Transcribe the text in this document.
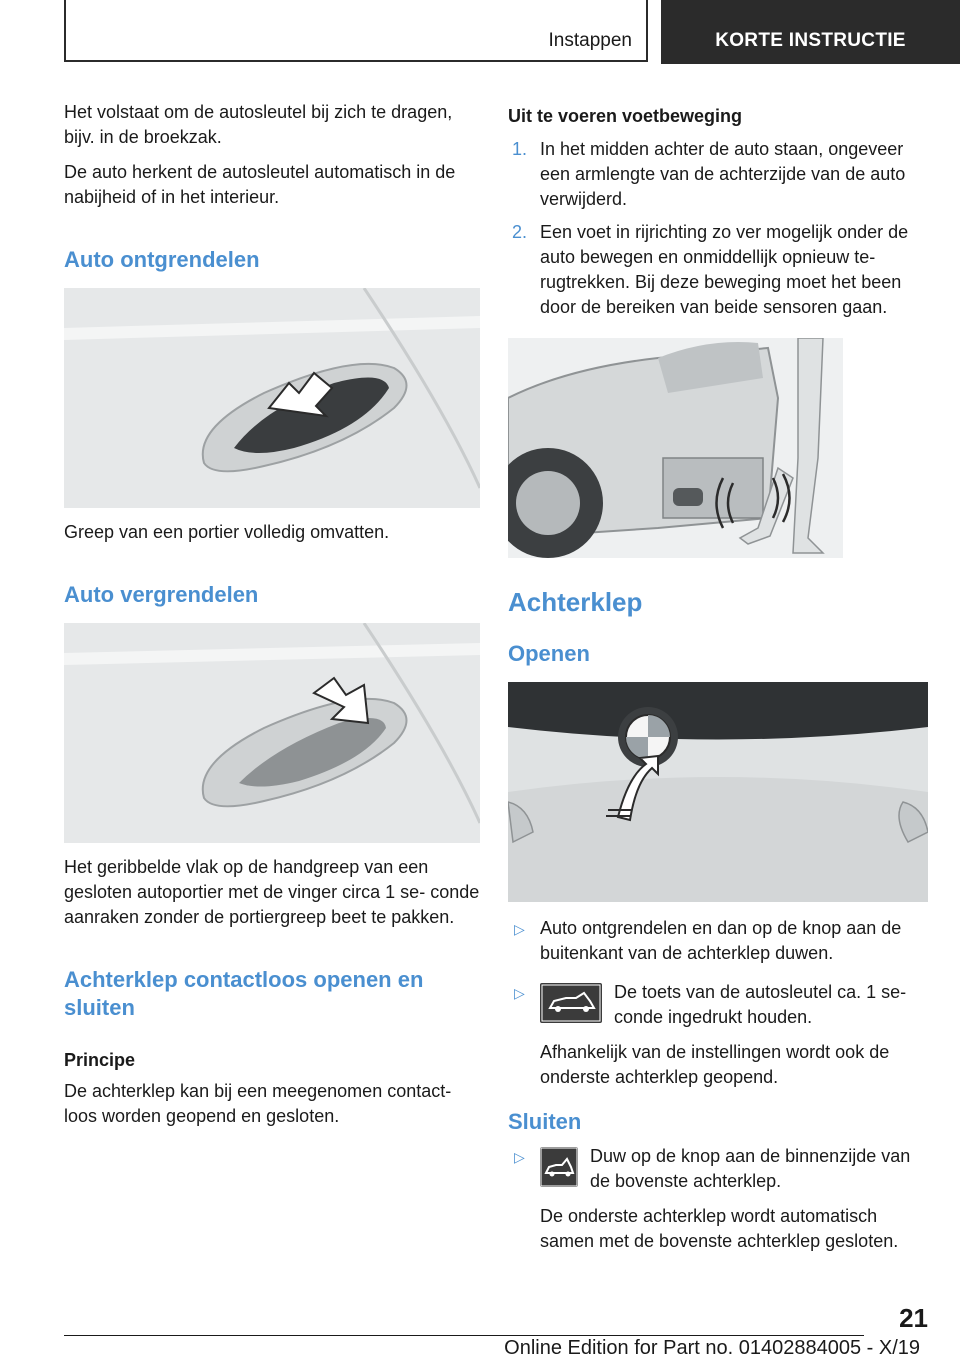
Instappen	KORTE INSTRUCTIE

Het volstaat om de autosleutel bij zich te dragen, bijv. in de broekzak.

De auto herkent de autosleutel automatisch in de nabijheid of in het interieur.

Auto ontgrendelen

Greep van een portier volledig omvatten.

Auto vergrendelen

Het geribbelde vlak op de handgreep van een gesloten autoportier met de vinger circa 1 se- conde aanraken zonder de portiergreep beet te pakken.

Achterklep contactloos openen en sluiten
Principe

De achterklep kan bij een meegenomen contact- loos worden geopend en gesloten.

Uit te voeren voetbeweging
1. In het midden achter de auto staan, ongeveer een armlengte van de achterzijde van de auto verwijderd.

2. Een voet in rijrichting zo ver mogelijk onder de auto bewegen en onmiddellijk opnieuw te- rugtrekken. Bij deze beweging moet het been door de bereiken van beide sensoren gaan.

Achterklep
Openen
▷ Auto ontgrendelen en dan op de knop aan de buitenkant van de achterklep duwen.

▷	De toets van de autosleutel ca. 1 se- conde ingedrukt houden.

Afhankelijk van de instellingen wordt ook de onderste achterklep geopend.

Sluiten
▷	Duw op de knop aan de binnenzijde van de bovenste achterklep.

De onderste achterklep wordt automatisch samen met de bovenste achterklep gesloten.

21
Online Edition for Part no. 01402884005 - X/19
